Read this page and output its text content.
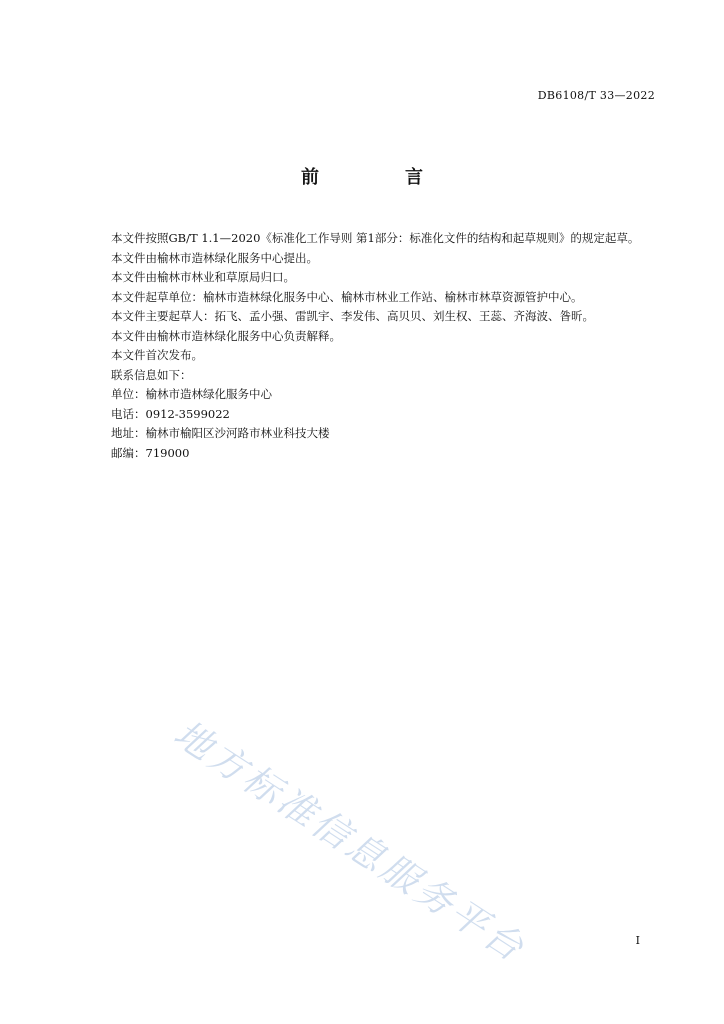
DB6108/T 33—2022
前　言

本文件按照GB/T 1.1—2020《标准化工作导则 第1部分：标准化文件的结构和起草规则》的规定起草。

本文件由榆林市造林绿化服务中心提出。

本文件由榆林市林业和草原局归口。

本文件起草单位：榆林市造林绿化服务中心、榆林市林业工作站、榆林市林草资源管护中心。

本文件主要起草人：拓飞、孟小强、雷凯宇、李发伟、高贝贝、刘生权、王蕊、齐海波、昝昕。

本文件由榆林市造林绿化服务中心负责解释。

本文件首次发布。

联系信息如下：

单位：榆林市造林绿化服务中心

电话：0912-3599022

地址：榆林市榆阳区沙河路市林业科技大楼

邮编：719000

地方标准信息服务平台	I
